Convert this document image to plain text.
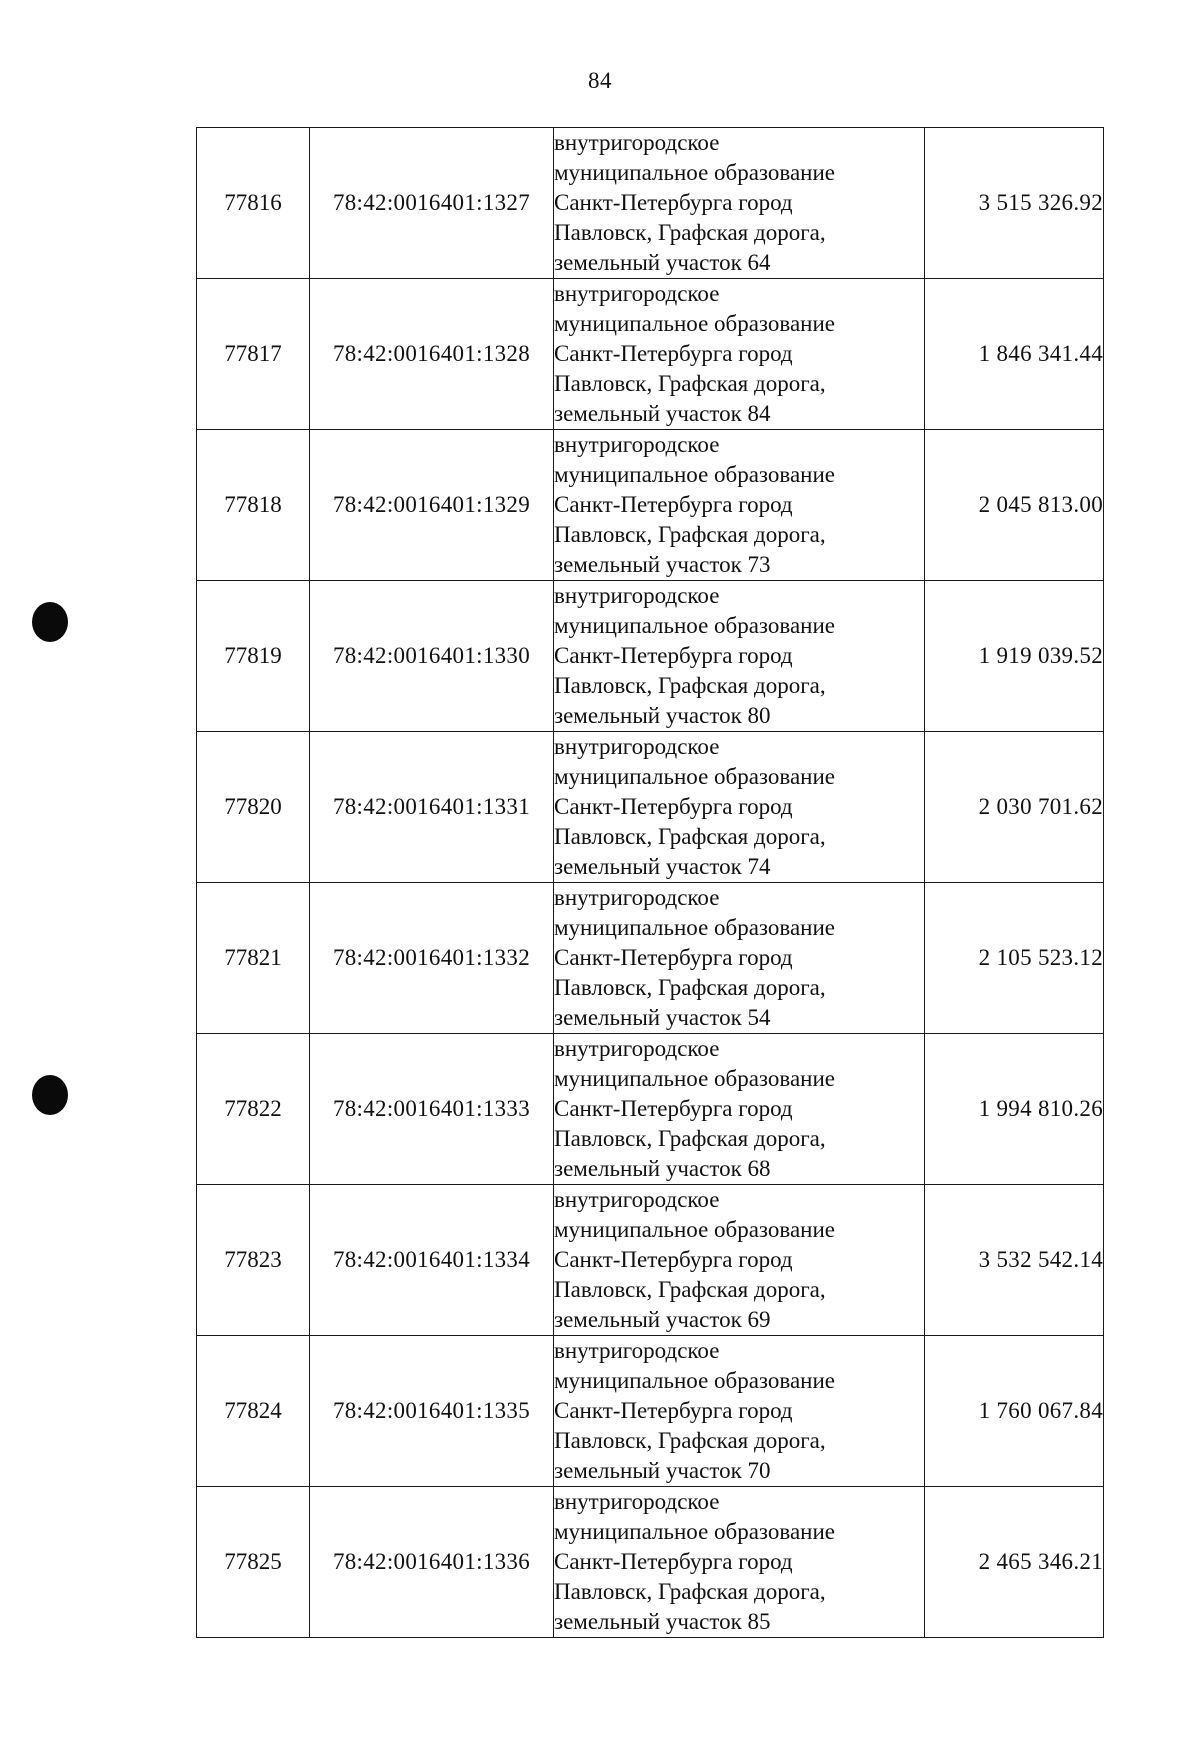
84
77816	78:42:0016401:1327	внутригородское
муниципальное образование
Санкт-Петербурга город
Павловск, Графская дорога,
земельный участок 64	3 515 326.92
77817	78:42:0016401:1328	внутригородское
муниципальное образование
Санкт-Петербурга город
Павловск, Графская дорога,
земельный участок 84	1 846 341.44
77818	78:42:0016401:1329	внутригородское
муниципальное образование
Санкт-Петербурга город
Павловск, Графская дорога,
земельный участок 73	2 045 813.00
77819	78:42:0016401:1330	внутригородское
муниципальное образование
Санкт-Петербурга город
Павловск, Графская дорога,
земельный участок 80	1 919 039.52
77820	78:42:0016401:1331	внутригородское
муниципальное образование
Санкт-Петербурга город
Павловск, Графская дорога,
земельный участок 74	2 030 701.62
77821	78:42:0016401:1332	внутригородское
муниципальное образование
Санкт-Петербурга город
Павловск, Графская дорога,
земельный участок 54	2 105 523.12
77822	78:42:0016401:1333	внутригородское
муниципальное образование
Санкт-Петербурга город
Павловск, Графская дорога,
земельный участок 68	1 994 810.26
77823	78:42:0016401:1334	внутригородское
муниципальное образование
Санкт-Петербурга город
Павловск, Графская дорога,
земельный участок 69	3 532 542.14
77824	78:42:0016401:1335	внутригородское
муниципальное образование
Санкт-Петербурга город
Павловск, Графская дорога,
земельный участок 70	1 760 067.84
77825	78:42:0016401:1336	внутригородское
муниципальное образование
Санкт-Петербурга город
Павловск, Графская дорога,
земельный участок 85	2 465 346.21
